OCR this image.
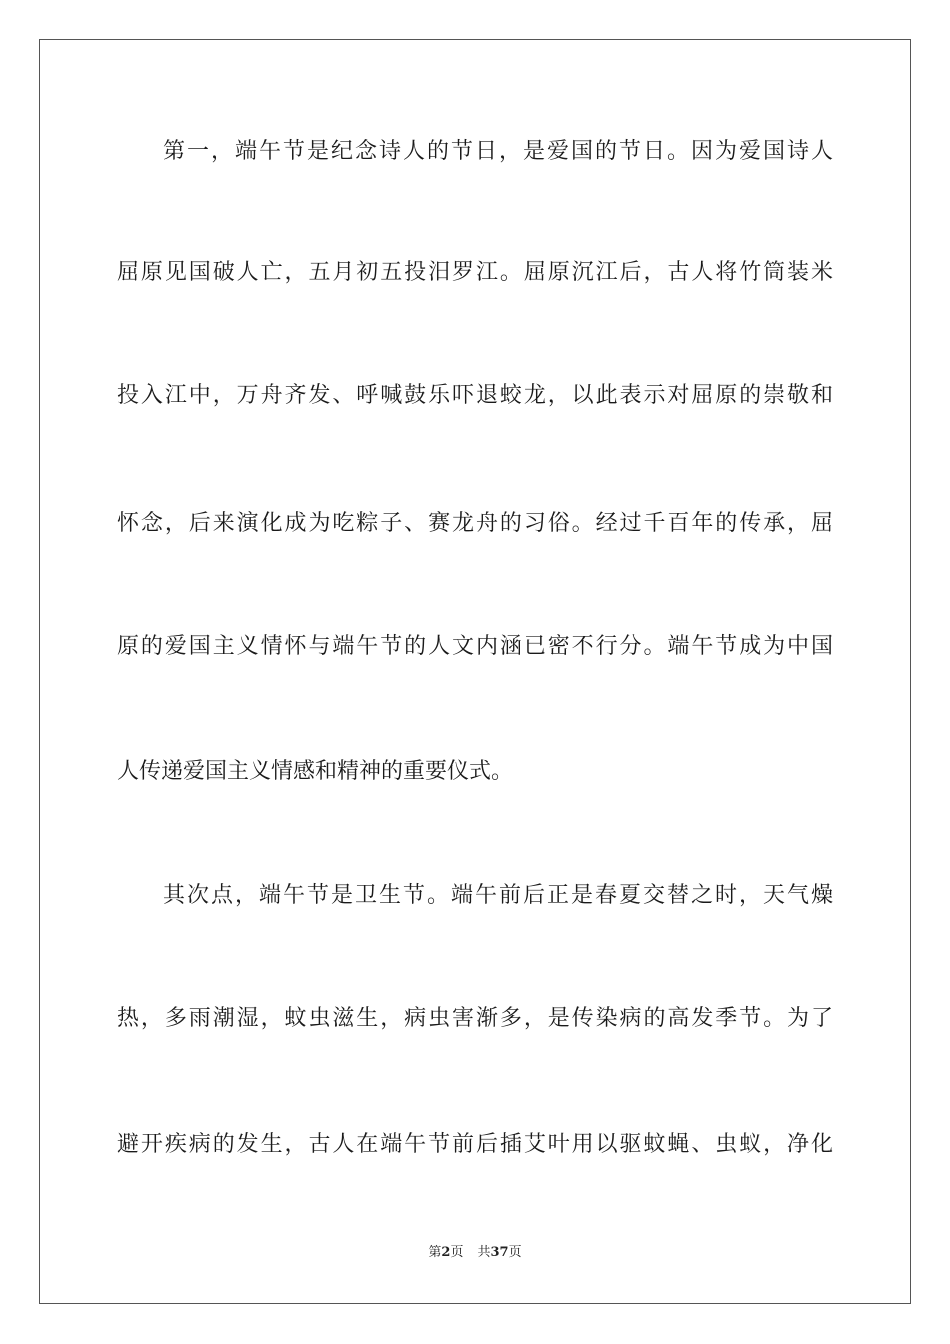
第一，端午节是纪念诗人的节日，是爱国的节日。因为爱国诗人
屈原见国破人亡，五月初五投汨罗江。屈原沉江后，古人将竹筒装米
投入江中，万舟齐发、呼喊鼓乐吓退蛟龙，以此表示对屈原的崇敬和
怀念，后来演化成为吃粽子、赛龙舟的习俗。经过千百年的传承，屈
原的爱国主义情怀与端午节的人文内涵已密不行分。端午节成为中国
人传递爱国主义情感和精神的重要仪式。
其次点，端午节是卫生节。端午前后正是春夏交替之时，天气燥
热，多雨潮湿，蚊虫滋生，病虫害渐多，是传染病的高发季节。为了
避开疾病的发生，古人在端午节前后插艾叶用以驱蚊蝇、虫蚁，净化
第2页 共37页
